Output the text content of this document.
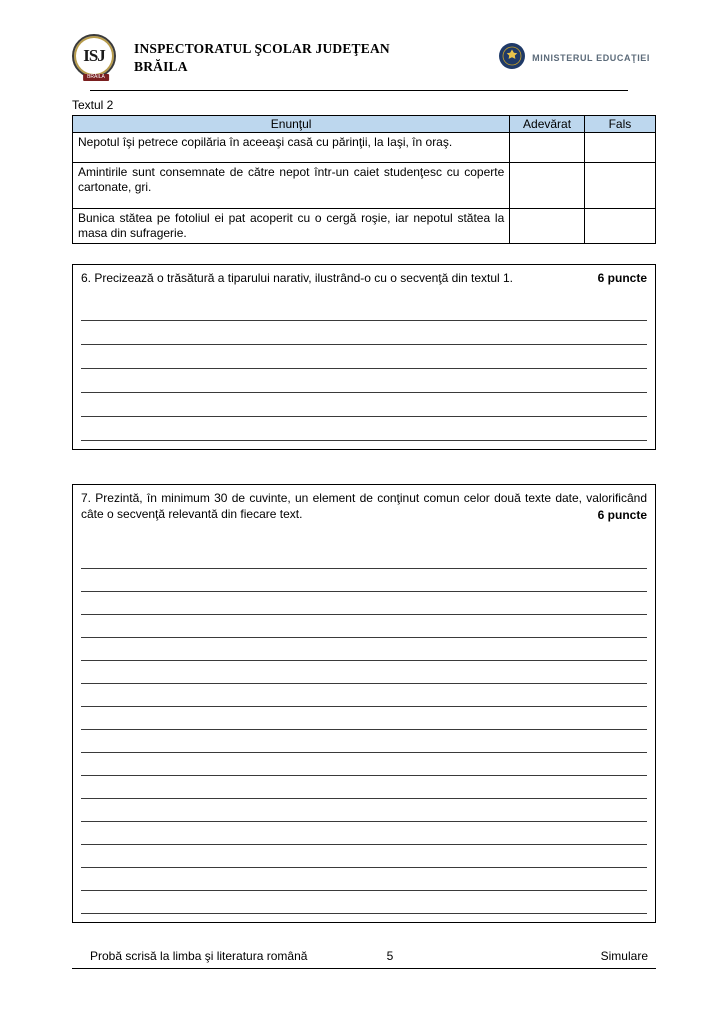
ISJ
BRĂILA
INSPECTORATUL ŞCOLAR JUDEŢEAN
BRĂILA
MINISTERUL EDUCAŢIEI
Textul 2
Enunţul	Adevărat	Fals
Nepotul îşi petrece copilăria în aceeaşi casă cu părinţii, la Iaşi, în oraş.		
Amintirile sunt consemnate de către nepot într-un caiet studenţesc cu coperte cartonate, gri.		
Bunica stătea pe fotoliul ei pat acoperit cu o cergă roşie, iar nepotul stătea la masa din sufragerie.		
6. Precizează o trăsătură a tiparului narativ, ilustrând-o cu o secvenţă din textul 1.	6 puncte
7. Prezintă, în minimum 30 de cuvinte, un element de conţinut comun celor două texte date, valorificând câte o secvenţă relevantă din fiecare text.	6 puncte
Probă scrisă la limba şi literatura română	5	Simulare
